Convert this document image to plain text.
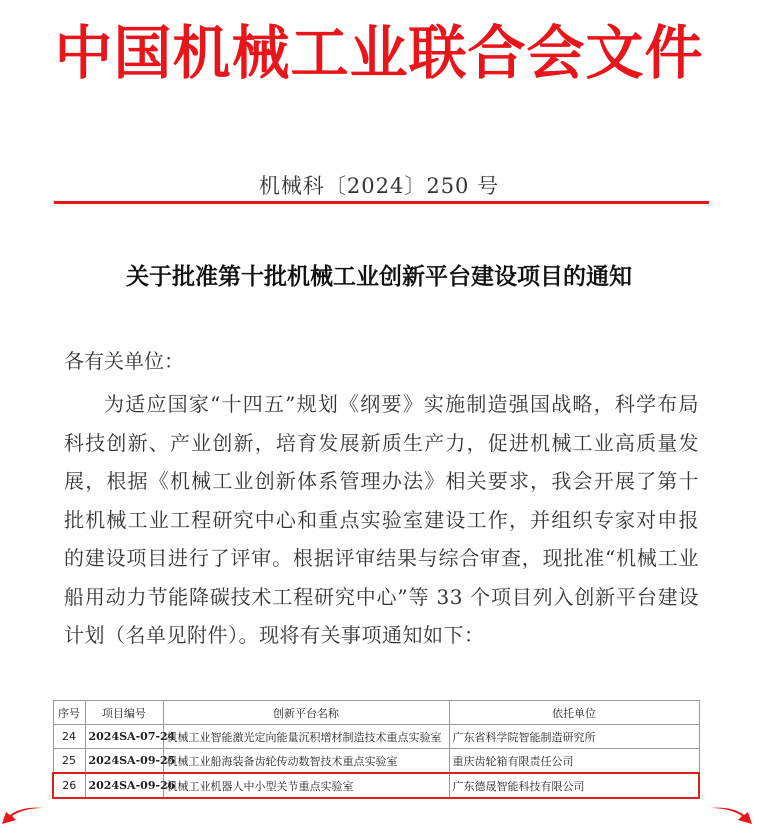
中国机械工业联合会文件
机械科〔2024〕250 号
关于批准第十批机械工业创新平台建设项目的通知
各有关单位：
为适应国家“十四五”规划《纲要》实施制造强国战略，科学布局科技创新、产业创新，培育发展新质生产力，促进机械工业高质量发展，根据《机械工业创新体系管理办法》相关要求，我会开展了第十批机械工业工程研究中心和重点实验室建设工作，并组织专家对申报的建设项目进行了评审。根据评审结果与综合审查，现批准“机械工业船用动力节能降碳技术工程研究中心”等 33 个项目列入创新平台建设计划（名单见附件）。现将有关事项通知如下：
序号	项目编号	创新平台名称	依托单位
24	2024SA-07-24	机械工业智能激光定向能量沉积增材制造技术重点实验室	广东省科学院智能制造研究所
25	2024SA-09-25	机械工业船海装备齿轮传动数智技术重点实验室	重庆齿轮箱有限责任公司
26	2024SA-09-26	机械工业机器人中小型关节重点实验室	广东德晟智能科技有限公司
